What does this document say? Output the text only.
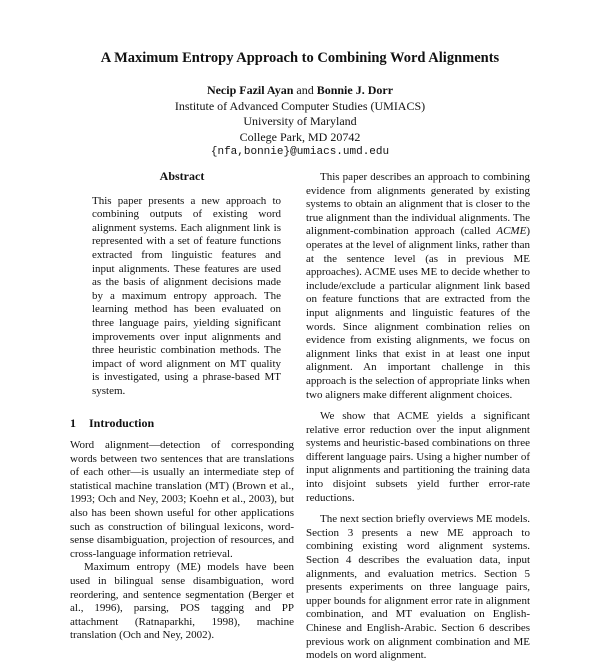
A Maximum Entropy Approach to Combining Word Alignments
Necip Fazil Ayan and Bonnie J. Dorr
Institute of Advanced Computer Studies (UMIACS)
University of Maryland
College Park, MD 20742
{nfa,bonnie}@umiacs.umd.edu
Abstract

This paper presents a new approach to combining outputs of existing word alignment systems. Each alignment link is represented with a set of feature functions extracted from linguistic features and input alignments. These features are used as the basis of alignment decisions made by a maximum entropy approach. The learning method has been evaluated on three language pairs, yielding significant improvements over input alignments and three heuristic combination methods. The impact of word alignment on MT quality is investigated, using a phrase-based MT system.

1 Introduction

Word alignment—detection of corresponding words between two sentences that are translations of each other—is usually an intermediate step of statistical machine translation (MT) (Brown et al., 1993; Och and Ney, 2003; Koehn et al., 2003), but also has been shown useful for other applications such as construction of bilingual lexicons, word-sense disambiguation, projection of resources, and cross-language information retrieval.

Maximum entropy (ME) models have been used in bilingual sense disambiguation, word reordering, and sentence segmentation (Berger et al., 1996), parsing, POS tagging and PP attachment (Ratnaparkhi, 1998), machine translation (Och and Ney, 2002).

This paper describes an approach to combining evidence from alignments generated by existing systems to obtain an alignment that is closer to the true alignment than the individual alignments. The alignment-combination approach (called ACME) operates at the level of alignment links, rather than at the sentence level (as in previous ME approaches). ACME uses ME to decide whether to include/exclude a particular alignment link based on feature functions that are extracted from the input alignments and linguistic features of the words. Since alignment combination relies on evidence from existing alignments, we focus on alignment links that exist in at least one input alignment. An important challenge in this approach is the selection of appropriate links when two aligners make different alignment choices.

We show that ACME yields a significant relative error reduction over the input alignment systems and heuristic-based combinations on three different language pairs. Using a higher number of input alignments and partitioning the training data into disjoint subsets yield further error-rate reductions.

The next section briefly overviews ME models. Section 3 presents a new ME approach to combining existing word alignment systems. Section 4 describes the evaluation data, input alignments, and evaluation metrics. Section 5 presents experiments on three language pairs, upper bounds for alignment error rate in alignment combination, and MT evaluation on English-Chinese and English-Arabic. Section 6 describes previous work on alignment combination and ME models on word alignment.
